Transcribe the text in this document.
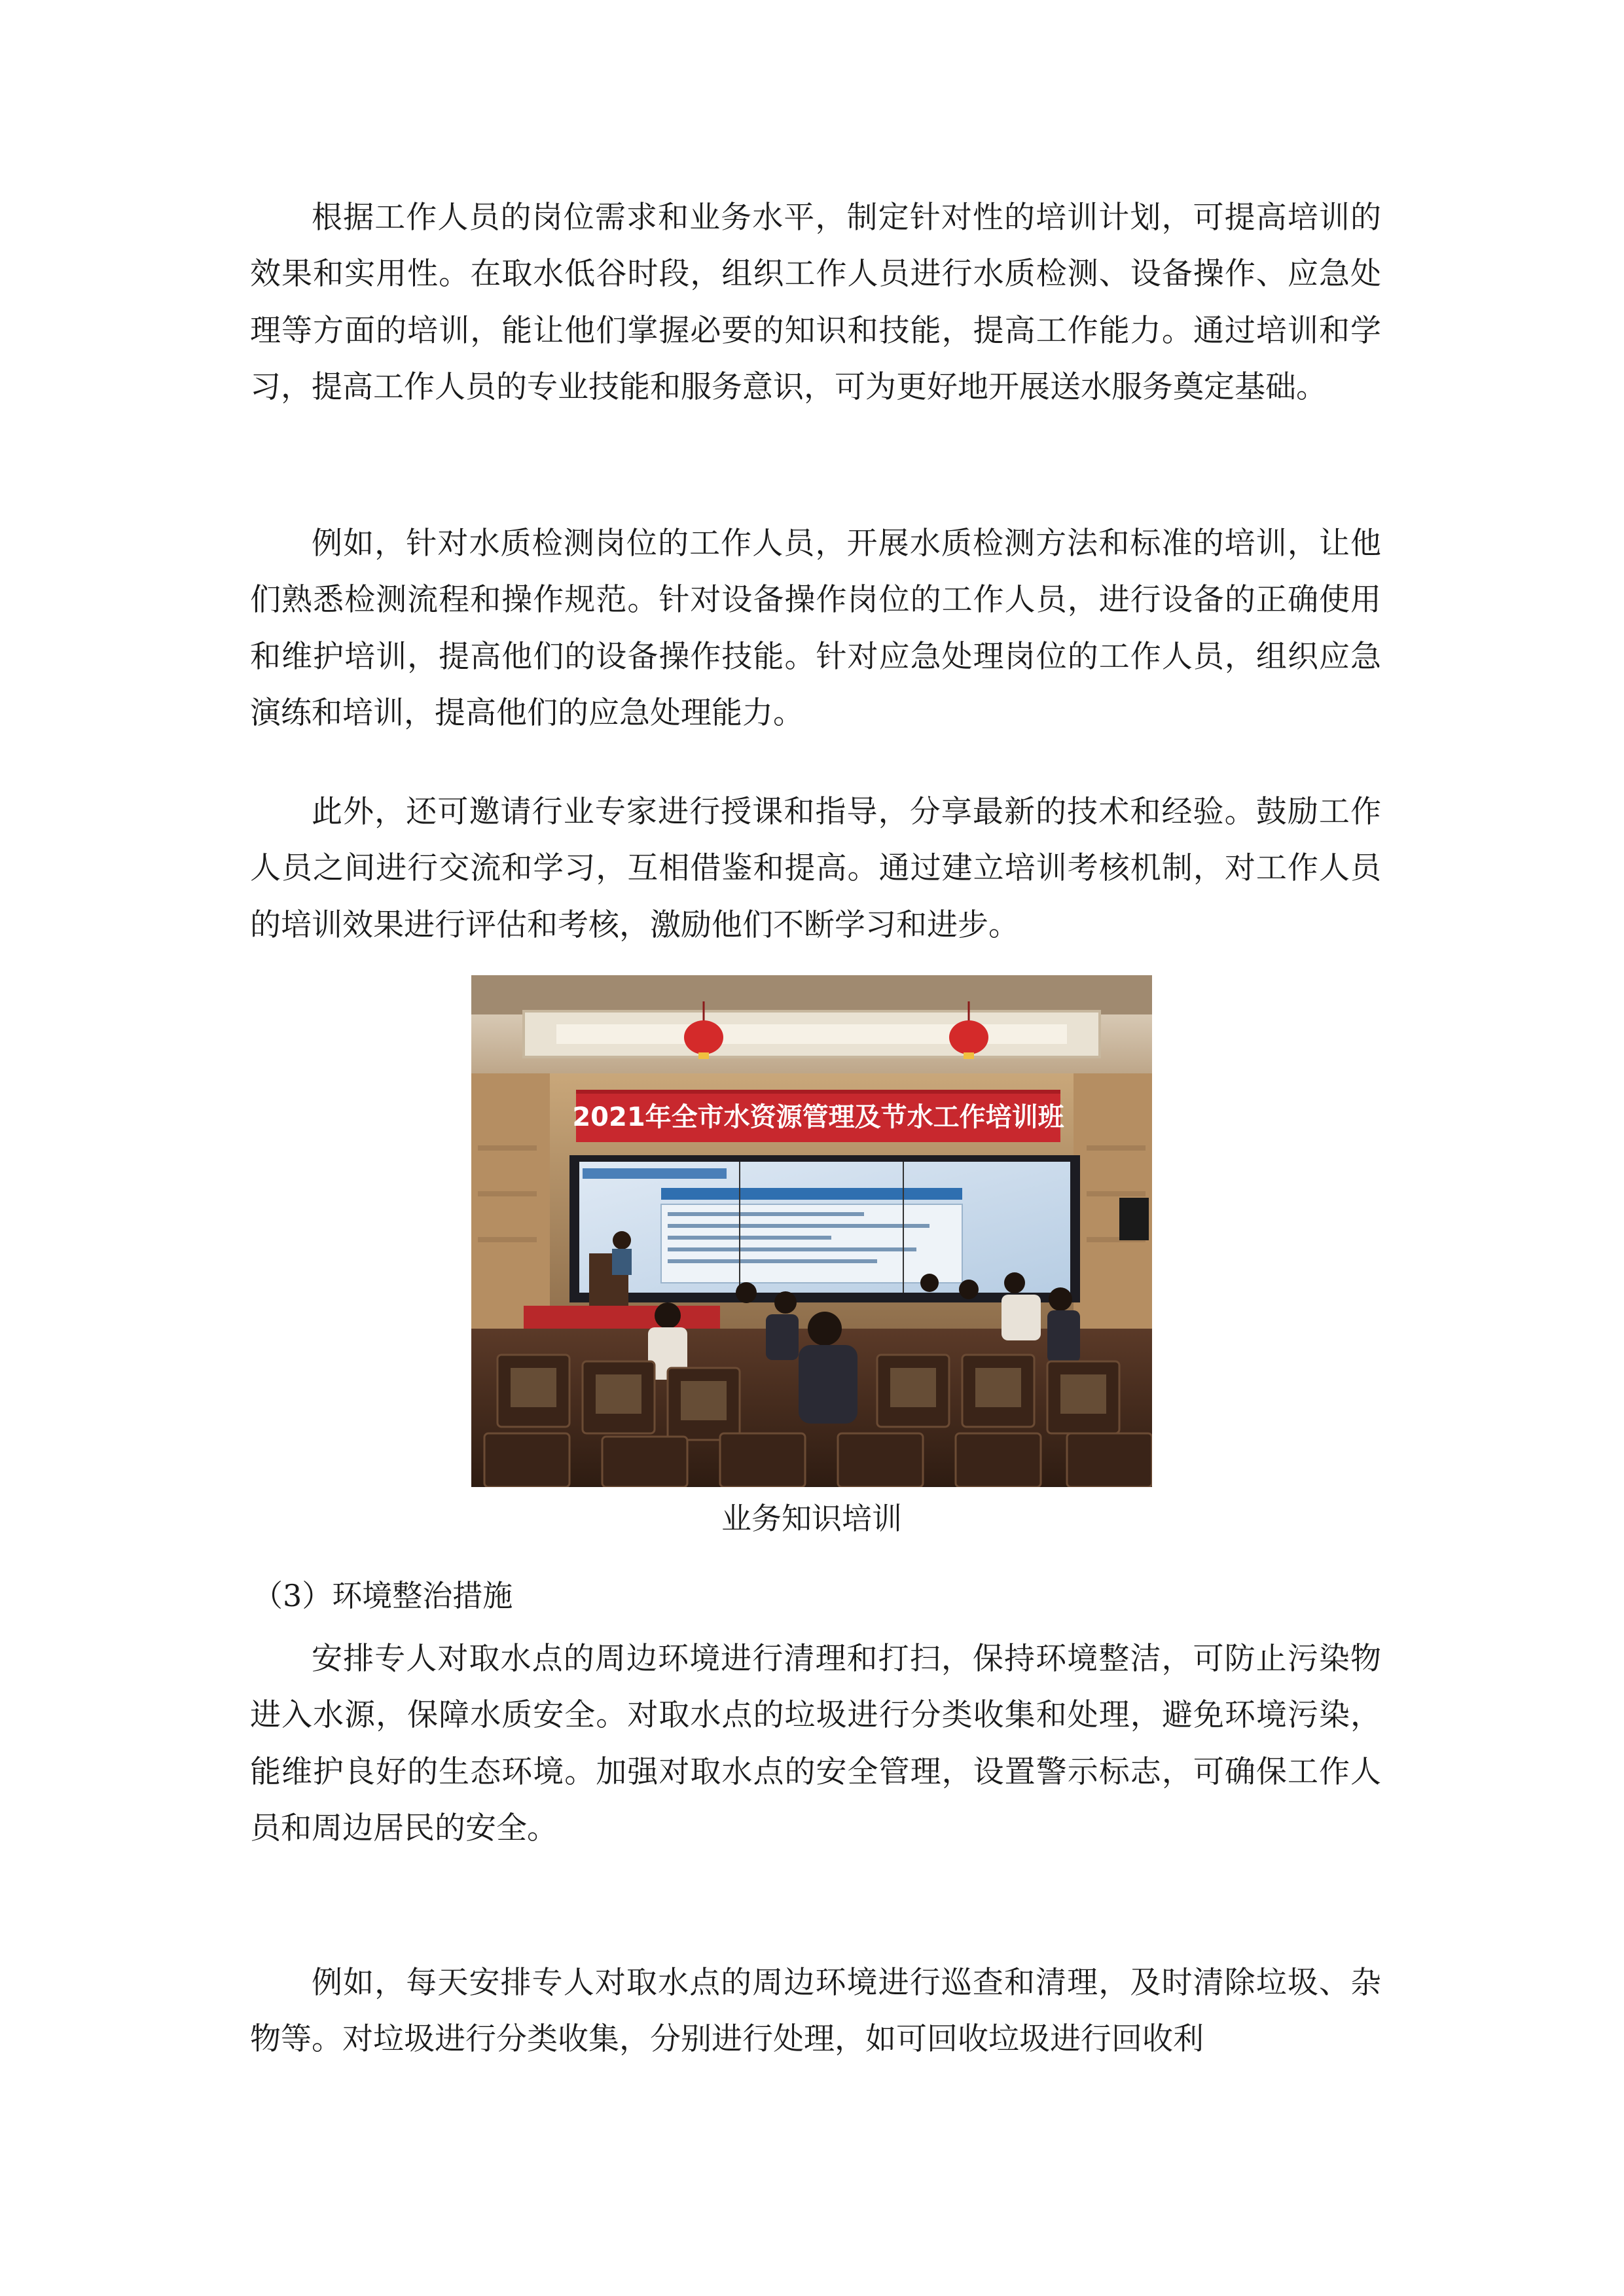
根据工作人员的岗位需求和业务水平，制定针对性的培训计划，可提高培训的效果和实用性。在取水低谷时段，组织工作人员进行水质检测、设备操作、应急处理等方面的培训，能让他们掌握必要的知识和技能，提高工作能力。通过培训和学习，提高工作人员的专业技能和服务意识，可为更好地开展送水服务奠定基础。

例如，针对水质检测岗位的工作人员，开展水质检测方法和标准的培训，让他们熟悉检测流程和操作规范。针对设备操作岗位的工作人员，进行设备的正确使用和维护培训，提高他们的设备操作技能。针对应急处理岗位的工作人员，组织应急演练和培训，提高他们的应急处理能力。

此外，还可邀请行业专家进行授课和指导，分享最新的技术和经验。鼓励工作人员之间进行交流和学习，互相借鉴和提高。通过建立培训考核机制，对工作人员的培训效果进行评估和考核，激励他们不断学习和进步。

2021年全市水资源管理及节水工作培训班
业务知识培训
（3）环境整治措施

安排专人对取水点的周边环境进行清理和打扫，保持环境整洁，可防止污染物进入水源，保障水质安全。对取水点的垃圾进行分类收集和处理，避免环境污染，能维护良好的生态环境。加强对取水点的安全管理，设置警示标志，可确保工作人员和周边居民的安全。

例如，每天安排专人对取水点的周边环境进行巡查和清理，及时清除垃圾、杂物等。对垃圾进行分类收集，分别进行处理，如可回收垃圾进行回收利
